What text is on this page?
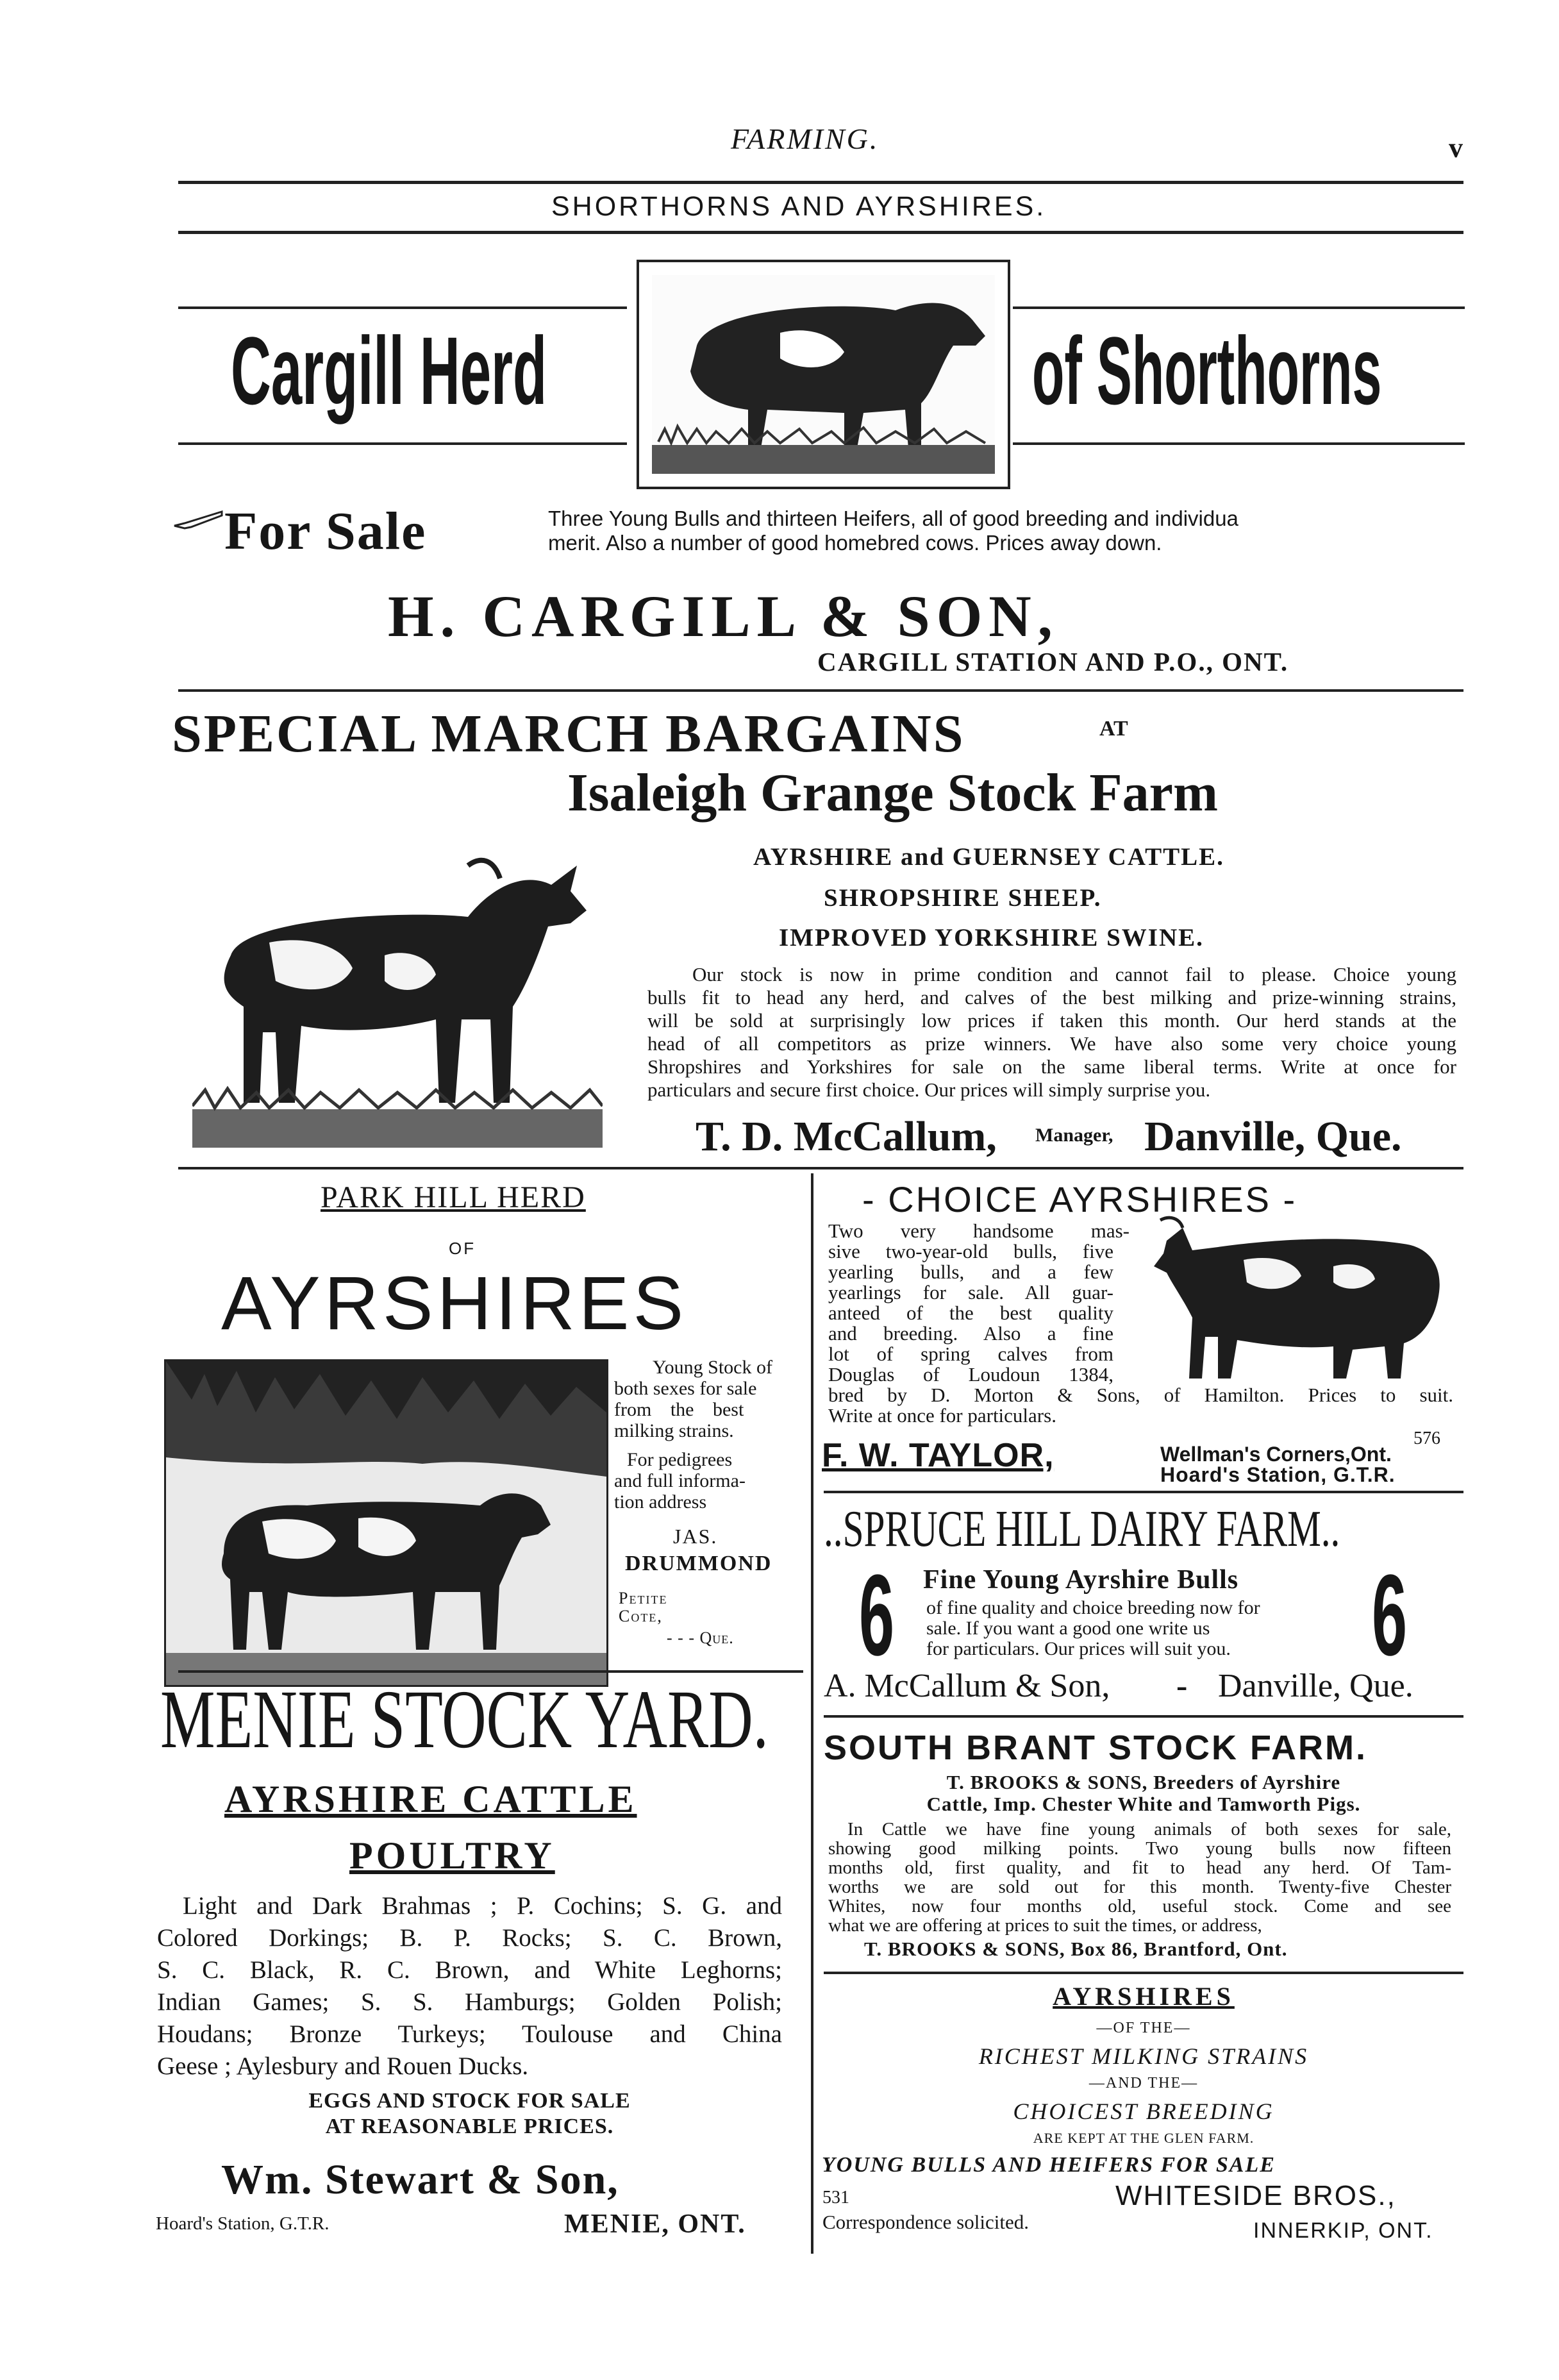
FARMING.	v
SHORTHORNS AND AYRSHIRES.
Cargill Herd	of Shorthorns
For Sale	Three Young Bulls and thirteen Heifers, all of good breeding and individua
merit. Also a number of good homebred cows. Prices away down.
H. CARGILL & SON,
CARGILL STATION AND P.O., ONT.
SPECIAL MARCH BARGAINS	AT
Isaleigh Grange Stock Farm
AYRSHIRE and GUERNSEY CATTLE.
SHROPSHIRE SHEEP.
IMPROVED YORKSHIRE SWINE.
Our stock is now in prime condition and cannot fail to please. Choice young
bulls fit to head any herd, and calves of the best milking and prize-winning strains,
will be sold at surprisingly low prices if taken this month. Our herd stands at the
head of all competitors as prize winners. We have also some very choice young
Shropshires and Yorkshires for sale on the same liberal terms. Write at once for
particulars and secure first choice. Our prices will simply surprise you.
T. D. McCallum, Manager, Danville, Que.
PARK HILL HERD
OF
AYRSHIRES
Young Stock of
both sexes for sale
from the best
milking strains.
For pedigrees
and full informa-
tion address
JAS.
DRUMMOND
Petite
Cote,
- - - Que.
MENIE STOCK YARD.
AYRSHIRE CATTLE
POULTRY
Light and Dark Brahmas ; P. Cochins; S. G. and
Colored Dorkings; B. P. Rocks; S. C. Brown,
S. C. Black, R. C. Brown, and White Leghorns;
Indian Games; S. S. Hamburgs; Golden Polish;
Houdans; Bronze Turkeys; Toulouse and China
Geese ; Aylesbury and Rouen Ducks.
EGGS AND STOCK FOR SALE
AT REASONABLE PRICES.
Wm. Stewart & Son,
Hoard's Station, G.T.R.	MENIE, ONT.
- CHOICE AYRSHIRES -
Two very handsome mas-
sive two-year-old bulls, five
yearling bulls, and a few
yearlings for sale. All guar-
anteed of the best quality
and breeding. Also a fine
lot of spring calves from
Douglas of Loudoun 1384,
bred by D. Morton & Sons, of Hamilton. Prices to suit.
Write at once for particulars.
576
F. W. TAYLOR,	Wellman's Corners,Ont.
Hoard's Station, G.T.R.
..SPRUCE HILL DAIRY FARM..
6	6
Fine Young Ayrshire Bulls
of fine quality and choice breeding now for
sale. If you want a good one write us
for particulars. Our prices will suit you.
A. McCallum & Son, - Danville, Que.
SOUTH BRANT STOCK FARM.
T. BROOKS & SONS, Breeders of Ayrshire
Cattle, Imp. Chester White and Tamworth Pigs.
In Cattle we have fine young animals of both sexes for sale,
showing good milking points. Two young bulls now fifteen
months old, first quality, and fit to head any herd. Of Tam-
worths we are sold out for this month. Twenty-five Chester
Whites, now four months old, useful stock. Come and see
what we are offering at prices to suit the times, or address,
T. BROOKS & SONS, Box 86, Brantford, Ont.
AYRSHIRES
—OF THE—
RICHEST MILKING STRAINS
—AND THE—
CHOICEST BREEDING
ARE KEPT AT THE GLEN FARM.
YOUNG BULLS AND HEIFERS FOR SALE
531	WHITESIDE BROS.,
Correspondence solicited.	INNERKIP, ONT.
